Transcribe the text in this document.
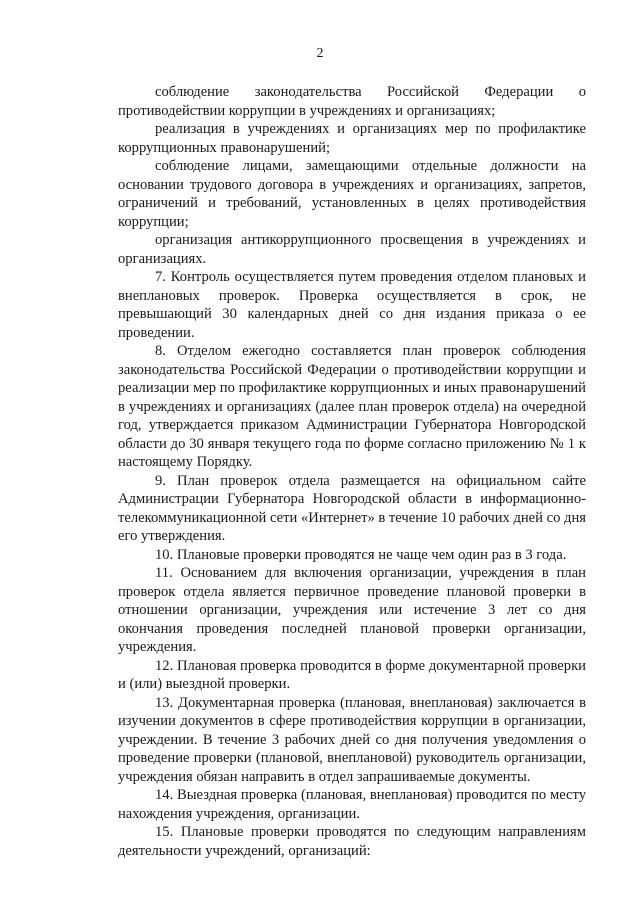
2

соблюдение законодательства Российской Федерации о противодействии коррупции в учреждениях и организациях;

реализация в учреждениях и организациях мер по профилактике коррупционных правонарушений;

соблюдение лицами, замещающими отдельные должности на основании трудового договора в учреждениях и организациях, запретов, ограничений и требований, установленных в целях противодействия коррупции;

организация антикоррупционного просвещения в учреждениях и организациях.

7. Контроль осуществляется путем проведения отделом плановых и внеплановых проверок. Проверка осуществляется в срок, не превышающий 30 календарных дней со дня издания приказа о ее проведении.

8. Отделом ежегодно составляется план проверок соблюдения законодательства Российской Федерации о противодействии коррупции и реализации мер по профилактике коррупционных и иных правонарушений в учреждениях и организациях (далее план проверок отдела) на очередной год, утверждается приказом Администрации Губернатора Новгородской области до 30 января текущего года по форме согласно приложению № 1 к настоящему Порядку.

9. План проверок отдела размещается на официальном сайте Администрации Губернатора Новгородской области в информационно-телекоммуникационной сети «Интернет» в течение 10 рабочих дней со дня его утверждения.

10. Плановые проверки проводятся не чаще чем один раз в 3 года.

11. Основанием для включения организации, учреждения в план проверок отдела является первичное проведение плановой проверки в отношении организации, учреждения или истечение 3 лет со дня окончания проведения последней плановой проверки организации, учреждения.

12. Плановая проверка проводится в форме документарной проверки и (или) выездной проверки.

13. Документарная проверка (плановая, внеплановая) заключается в изучении документов в сфере противодействия коррупции в организации, учреждении. В течение 3 рабочих дней со дня получения уведомления о проведение проверки (плановой, внеплановой) руководитель организации, учреждения обязан направить в отдел запрашиваемые документы.

14. Выездная проверка (плановая, внеплановая) проводится по месту нахождения учреждения, организации.

15. Плановые проверки проводятся по следующим направлениям деятельности учреждений, организаций:
